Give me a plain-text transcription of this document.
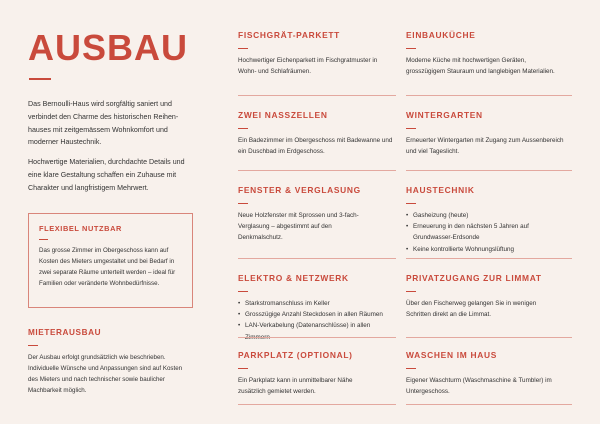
AUSBAU

Das Bernoulli-Haus wird sorgfältig saniert und verbindet den Charme des historischen Reihen-hauses mit zeitgemässem Wohnkomfort und moderner Haustechnik.

Hochwertige Materialien, durchdachte Details und eine klare Gestaltung schaffen ein Zuhause mit Charakter und langfristigem Mehrwert.

FLEXIBEL NUTZBAR
Das grosse Zimmer im Obergeschoss kann auf Kosten des Mieters umgestaltet und bei Bedarf in zwei separate Räume unterteilt werden – ideal für Familien oder veränderte Wohnbedürfnisse.
MIETERAUSBAU
Der Ausbau erfolgt grundsätzlich wie beschrieben. Individuelle Wünsche und Anpassungen sind auf Kosten des Mieters und nach technischer sowie baulicher Machbarkeit möglich.
FISCHGRÄT-PARKETT
Hochwertiger Eichenparkett im Fischgratmuster in Wohn- und Schlafräumen.
ZWEI NASSZELLEN
Ein Badezimmer im Obergeschoss mit Badewanne und ein Duschbad im Erdgeschoss.
FENSTER & VERGLASUNG
Neue Holzfenster mit Sprossen und 3-fach-Verglasung – abgestimmt auf den Denkmalschutz.
ELEKTRO & NETZWERK
• Starkstromanschluss im Keller
• Grosszügige Anzahl Steckdosen in allen Räumen
• LAN-Verkabelung (Datenanschlüsse) in allen
PARKPLATZ (OPTIONAL)
Ein Parkplatz kann in unmittelbarer Nähe zusätzlich gemietet werden.
EINBAUKÜCHE
Moderne Küche mit hochwertigen Geräten, grosszügigem Stauraum und langlebigen Materialien.
WINTERGARTEN
Erneuerter Wintergarten mit Zugang zum Aussenbereich und viel Tageslicht.
HAUSTECHNIK
• Gasheizung (heute)
• Erneuerung in den nächsten 5 Jahren auf Grundwasser-Erdsonde
• Keine kontrollierte Wohnungslüftung
PRIVATZUGANG ZUR LIMMAT
Über den Fischerweg gelangen Sie in wenigen Schritten direkt an die Limmat.
WASCHEN IM HAUS
Eigener Waschturm (Waschmaschine & Tumbler) im Untergeschoss.
